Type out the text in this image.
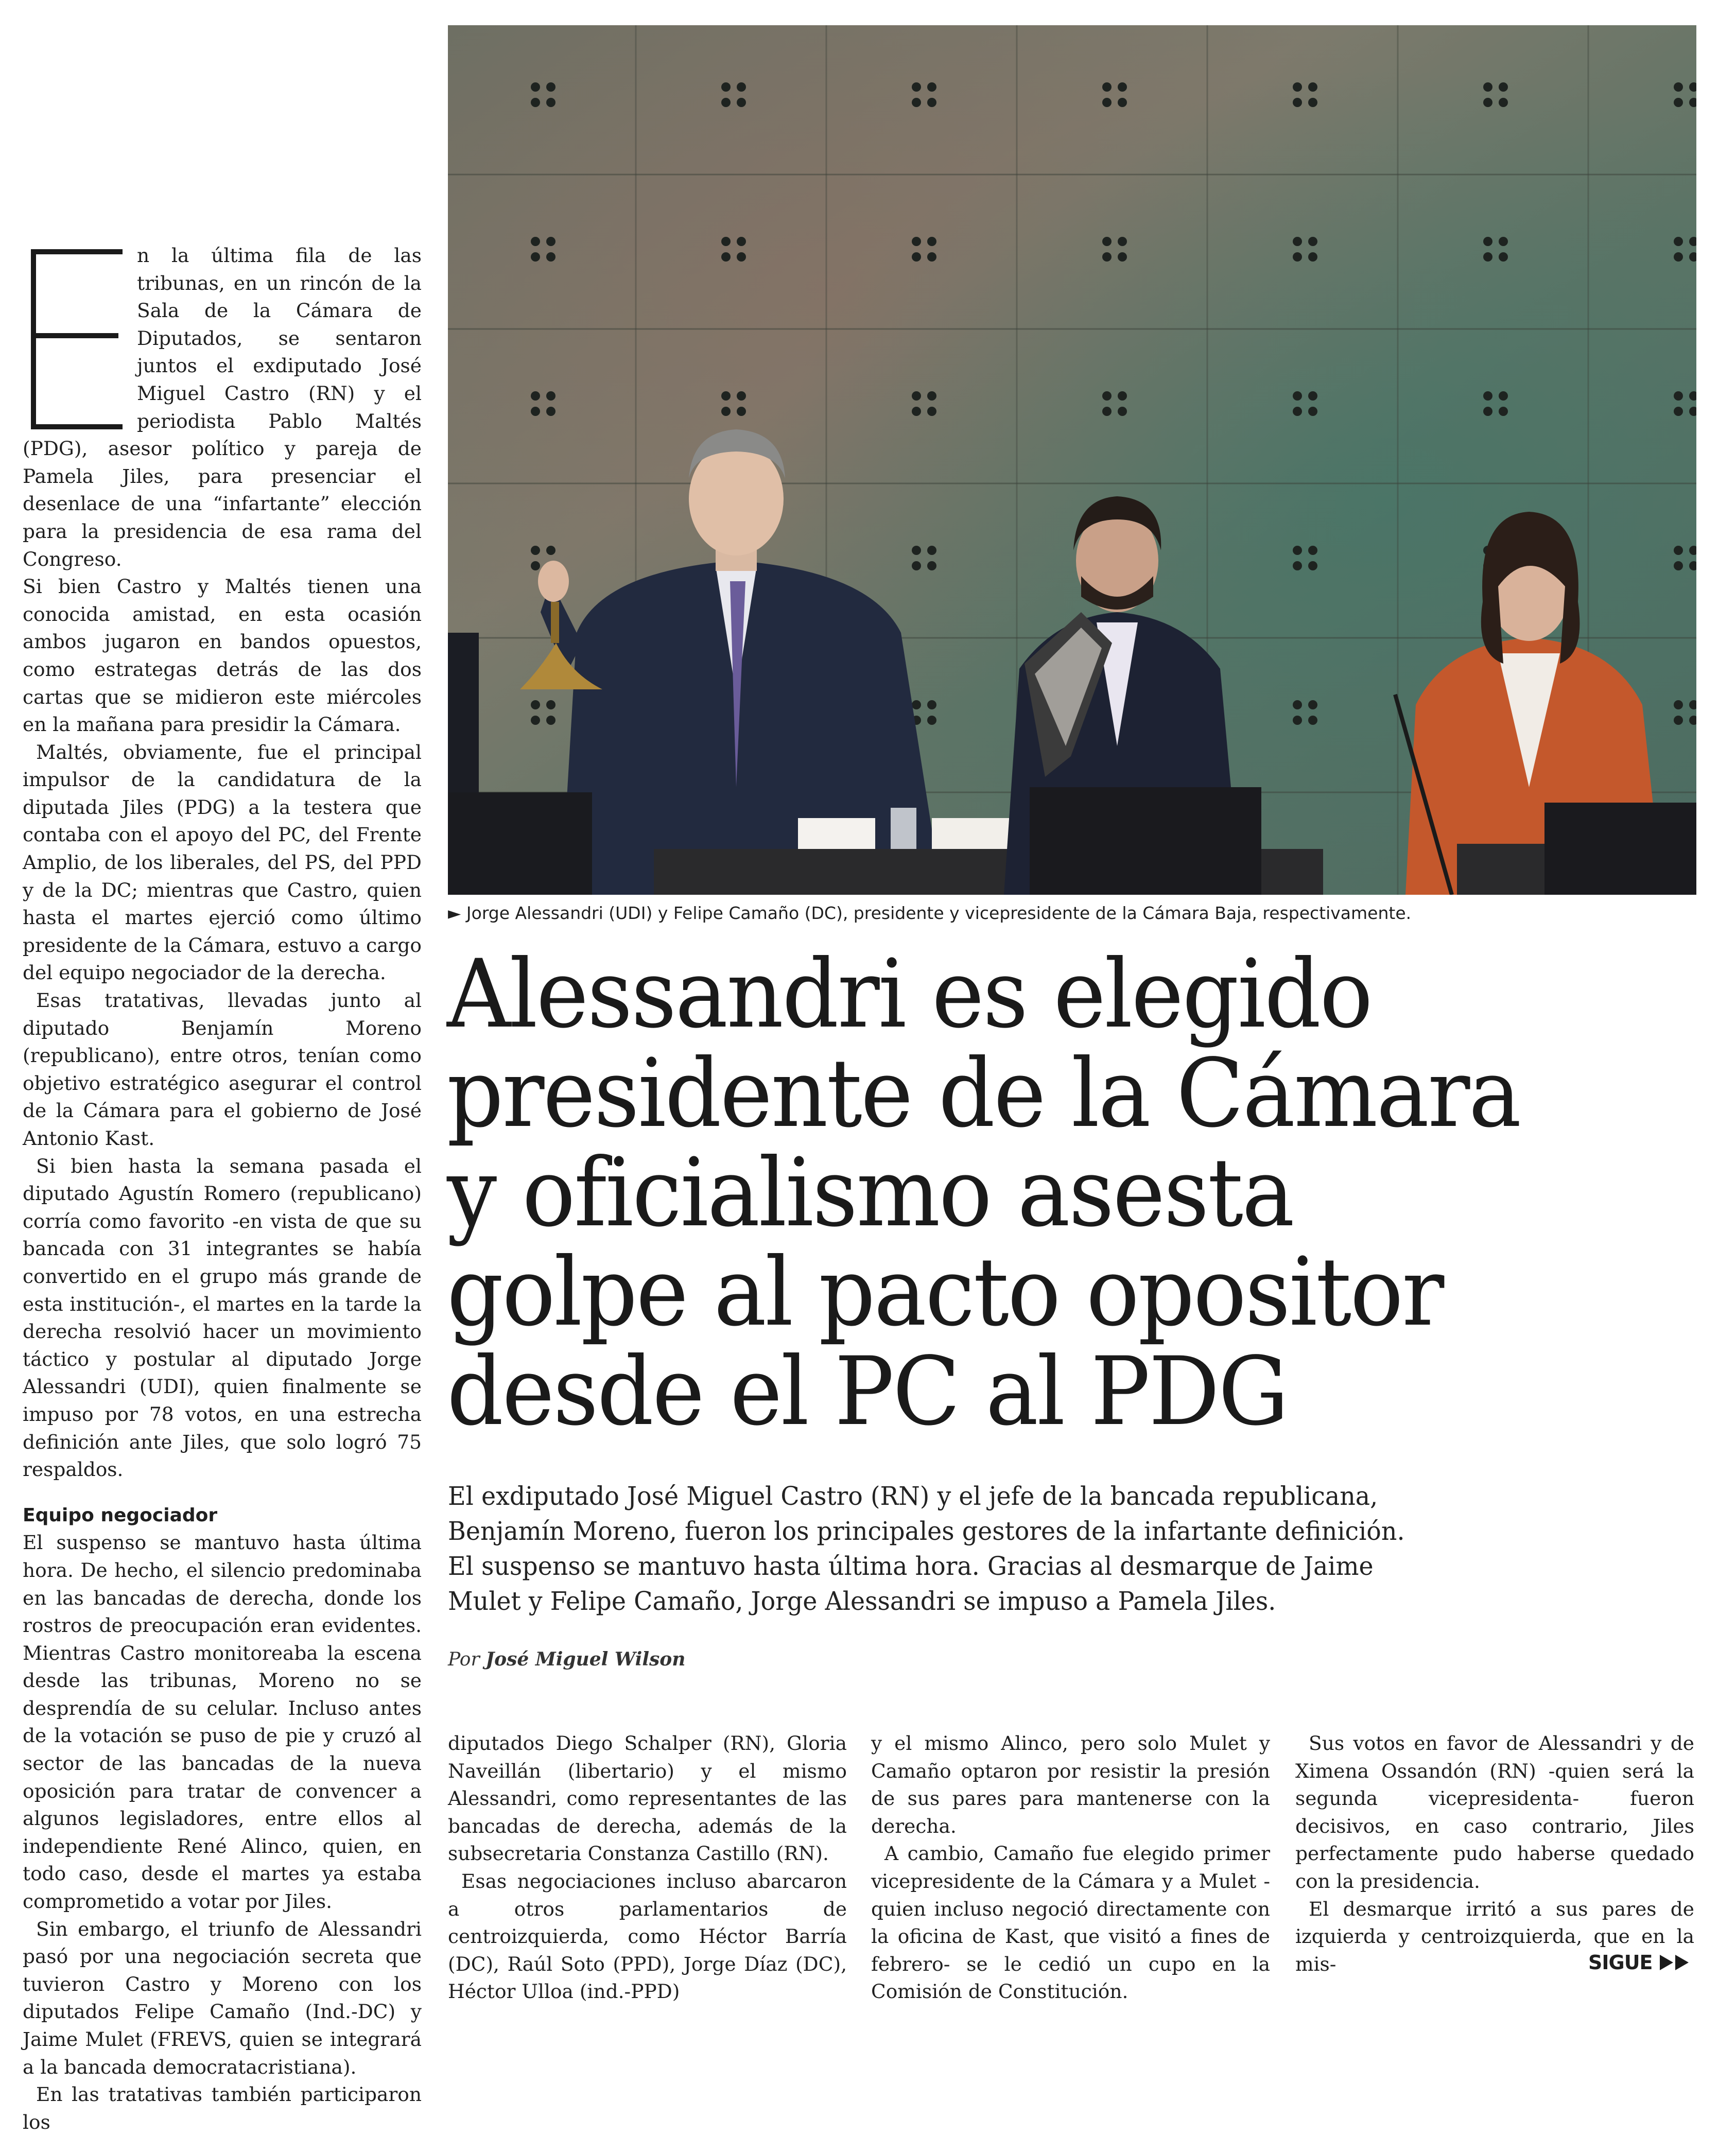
► Jorge Alessandri (UDI) y Felipe Camaño (DC), presidente y vicepresidente de la Cámara Baja, respectivamente.
Alessandri es elegido
presidente de la Cámara
y oficialismo asesta
golpe al pacto opositor
desde el PC al PDG
El exdiputado José Miguel Castro (RN) y el jefe de la bancada republicana,
Benjamín Moreno, fueron los principales gestores de la infartante definición.
El suspenso se mantuvo hasta última hora. Gracias al desmarque de Jaime
Mulet y Felipe Camaño, Jorge Alessandri se impuso a Pamela Jiles.
Por José Miguel Wilson
E	n la última fila de las tribunas, en un rincón de la Sala de la Cámara de Diputados, se sentaron juntos el exdiputado José Miguel Castro (RN) y el periodista Pablo Maltés (PDG), asesor político y pareja de Pamela Jiles, para presenciar el desenlace de una “infartante” elección para la presidencia de esa rama del Congreso.

Si bien Castro y Maltés tienen una conocida amistad, en esta ocasión ambos jugaron en bandos opuestos, como estrategas detrás de las dos cartas que se midieron este miércoles en la mañana para presidir la Cámara.

Maltés, obviamente, fue el principal impulsor de la candidatura de la diputada Jiles (PDG) a la testera que contaba con el apoyo del PC, del Frente Amplio, de los liberales, del PS, del PPD y de la DC; mientras que Castro, quien hasta el martes ejerció como último presidente de la Cámara, estuvo a cargo del equipo negociador de la derecha.

Esas tratativas, llevadas junto al diputado Benjamín Moreno (republicano), entre otros, tenían como objetivo estratégico asegurar el control de la Cámara para el gobierno de José Antonio Kast.

Si bien hasta la semana pasada el diputado Agustín Romero (republicano) corría como favorito -en vista de que su bancada con 31 integrantes se había convertido en el grupo más grande de esta institución-, el martes en la tarde la derecha resolvió hacer un movimiento táctico y postular al diputado Jorge Alessandri (UDI), quien finalmente se impuso por 78 votos, en una estrecha definición ante Jiles, que solo logró 75 respaldos.

Equipo negociador

El suspenso se mantuvo hasta última hora. De hecho, el silencio predominaba en las bancadas de derecha, donde los rostros de preocupación eran evidentes. Mientras Castro monitoreaba la escena desde las tribunas, Moreno no se desprendía de su celular. Incluso antes de la votación se puso de pie y cruzó al sector de las bancadas de la nueva oposición para tratar de convencer a algunos legisladores, entre ellos al independiente René Alinco, quien, en todo caso, desde el martes ya estaba comprometido a votar por Jiles.

Sin embargo, el triunfo de Alessandri pasó por una negociación secreta que tuvieron Castro y Moreno con los diputados Felipe Camaño (Ind.-DC) y Jaime Mulet (FREVS, quien se integrará a la bancada democratacristiana).

En las tratativas también participaron los

diputados Diego Schalper (RN), Gloria Naveillán (libertario) y el mismo Alessandri, como representantes de las bancadas de derecha, además de la subsecretaria Constanza Castillo (RN).

Esas negociaciones incluso abarcaron a otros parlamentarios de centroizquierda, como Héctor Barría (DC), Raúl Soto (PPD), Jorge Díaz (DC), Héctor Ulloa (ind.-PPD)

y el mismo Alinco, pero solo Mulet y Camaño optaron por resistir la presión de sus pares para mantenerse con la derecha.

A cambio, Camaño fue elegido primer vicepresidente de la Cámara y a Mulet -quien incluso negoció directamente con la oficina de Kast, que visitó a fines de febrero- se le cedió un cupo en la Comisión de Constitución.

Sus votos en favor de Alessandri y de Ximena Ossandón (RN) -quien será la segunda vicepresidenta- fueron decisivos, en caso contrario, Jiles perfectamente pudo haberse quedado con la presidencia.

El desmarque irritó a sus pares de izquierda y centroizquierda, que en la mis-	SIGUE
